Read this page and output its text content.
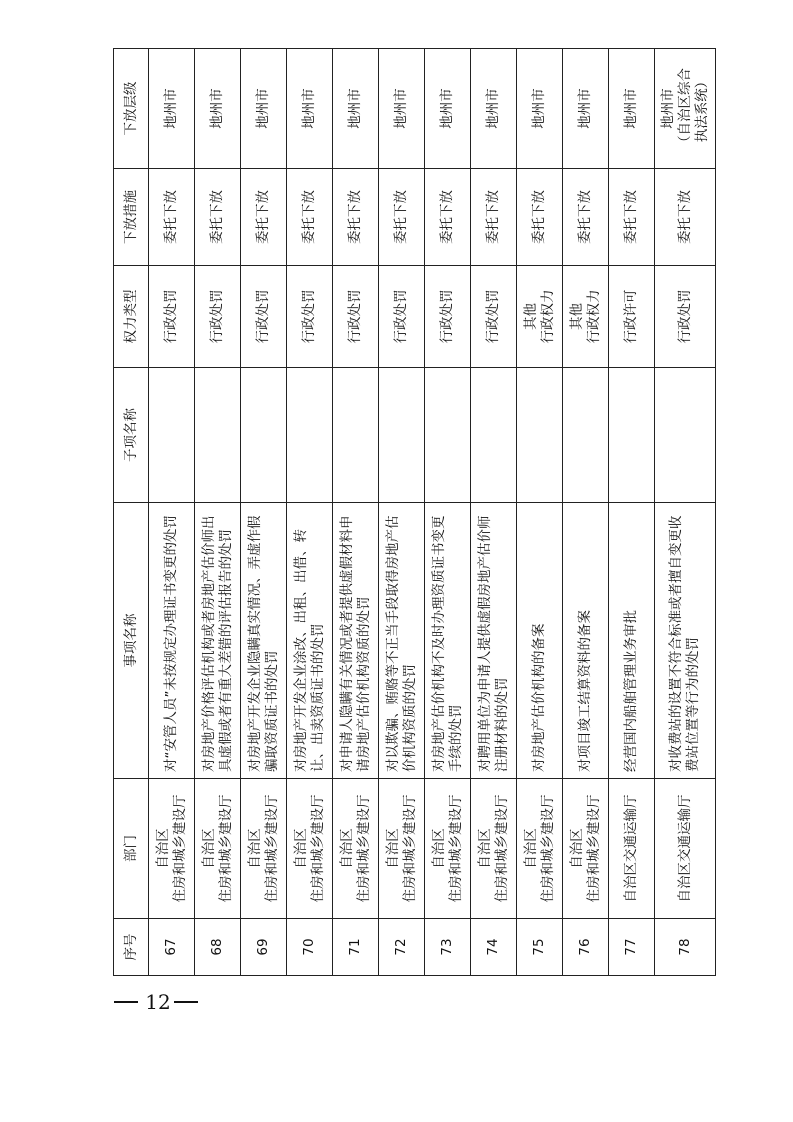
序号	部门	事项名称	子项名称	权力类型	下放措施	下放层级
67	自治区 住房和城乡建设厅	对“安管人员”未按规定办理证书变更的处罚		行政处罚	委托下放	地州市

68	自治区 住房和城乡建设厅	对房地产价格评估机构或者房地产估价师出具虚假或者有重大差错的评估报告的处罚		行政处罚	委托下放	地州市

69	自治区 住房和城乡建设厅	对房地产开发企业隐瞒真实情况、弄虚作假骗取资质证书的处罚		行政处罚	委托下放	地州市

70	自治区 住房和城乡建设厅	对房地产开发企业涂改、出租、出借、转让、出卖资质证书的处罚		行政处罚	委托下放	地州市

71	自治区 住房和城乡建设厅	对申请人隐瞒有关情况或者提供虚假材料申请房地产估价机构资质的处罚		行政处罚	委托下放	地州市

72	自治区 住房和城乡建设厅	对以欺骗、贿赂等不正当手段取得房地产估价机构资质的处罚		行政处罚	委托下放	地州市

73	自治区 住房和城乡建设厅	对房地产估价机构不及时办理资质证书变更手续的处罚		行政处罚	委托下放	地州市

74	自治区 住房和城乡建设厅	对聘用单位为申请人提供虚假房地产估价师注册材料的处罚		行政处罚	委托下放	地州市

75	自治区 住房和城乡建设厅	对房地产估价机构的备案		其他 行政权力	委托下放	地州市

76	自治区 住房和城乡建设厅	对项目竣工结算资料的备案		其他 行政权力	委托下放	地州市

77	自治区交通运输厅	经营国内船舶管理业务审批		行政许可	委托下放	地州市

78	自治区交通运输厅	对收费站的设置不符合标准或者擅自变更收费站位置等行为的处罚		行政处罚	委托下放	地州市 （自治区综合 执法系统）
12
